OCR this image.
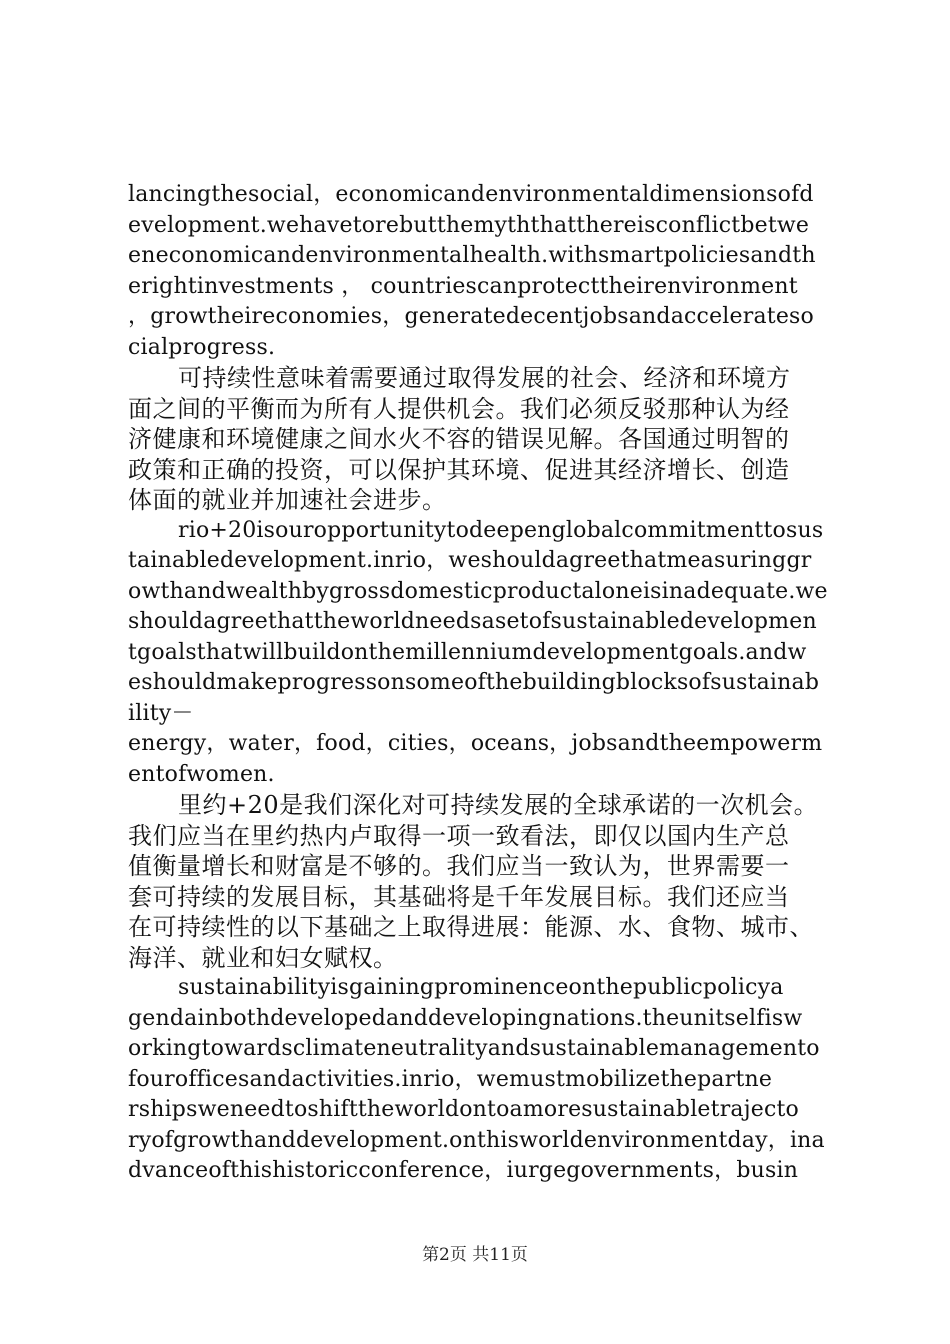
lancingthesocial，economicandenvironmentaldimensionsofd
evelopment.wehavetorebutthemyththatthereisconflictbetwe
eneconomicandenvironmentalhealth.withsmartpoliciesandth
erightinvestments ， countriescanprotecttheirenvironment
，growtheireconomies，generatedecentjobsandacceleratesо
cialprogress.
可持续性意味着需要通过取得发展的社会、经济和环境方
面之间的平衡而为所有人提供机会。我们必须反驳那种认为经
济健康和环境健康之间水火不容的错误见解。各国通过明智的
政策和正确的投资，可以保护其环境、促进其经济增长、创造
体面的就业并加速社会进步。
rio+20isouropportunitytodeepenglobalcommitmenttosus
tainabledevelopment.inrio，weshouldagreethatmeasuringgr
owthandwealthbygrossdomesticproductaloneisinadequate.we
shouldagreethattheworldneedsasetofsustainabledevelopmen
tgoalsthatwillbuildonthemillenniumdevelopmentgoals.andw
eshouldmakeprogressonsomeofthebuildingblocksofsustainab
ility－
energy，water，food，cities，oceans，jobsandtheempowerm
entofwomen.
里约+20是我们深化对可持续发展的全球承诺的一次机会。
我们应当在里约热内卢取得一项一致看法，即仅以国内生产总
值衡量增长和财富是不够的。我们应当一致认为，世界需要一
套可持续的发展目标，其基础将是千年发展目标。我们还应当
在可持续性的以下基础之上取得进展：能源、水、食物、城市、
海洋、就业和妇女赋权。
sustainabilityisgainingprominenceonthepublicpolicya
gendainbothdevelopedanddevelopingnations.theunitselfisw
orkingtowardsclimateneutralityandsustainablemanagemento
fourofficesandactivities.inrio，wemustmobilizethepartne
rshipsweneedtoshifttheworldontoamoresustainabletrajecto
ryofgrowthanddevelopment.onthisworldenvironmentday，ina
dvanceofthishistoricconference，iurgegovernments，busin
第2页 共11页
